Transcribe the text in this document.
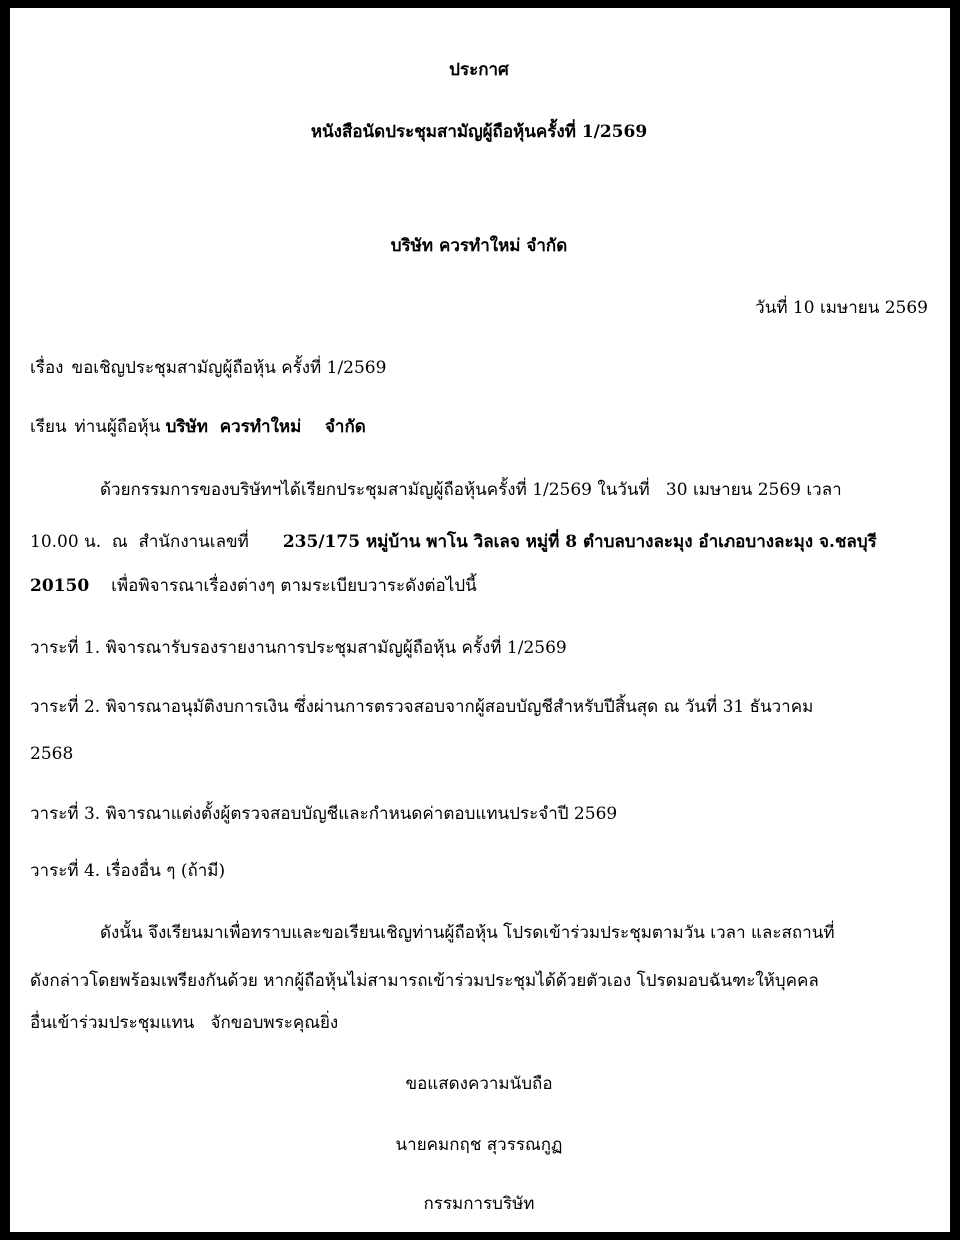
ประกาศ
หนังสือนัดประชุมสามัญผู้ถือหุ้นครั้งที่ 1/2569
บริษัท ควรทำใหม่ จำกัด
วันที่ 10 เมษายน 2569
เรื่อง ขอเชิญประชุมสามัญผู้ถือหุ้น ครั้งที่ 1/2569
เรียน ท่านผู้ถือหุ้น บริษัท  ควรทำใหม่    จำกัด
ด้วยกรรมการของบริษัทฯได้เรียกประชุมสามัญผู้ถือหุ้นครั้งที่ 1/2569 ในวันที่   30 เมษายน 2569 เวลา
10.00 น.  ณ  สำนักงานเลขที่ 235/175 หมู่บ้าน พาโน วิลเลจ หมู่ที่ 8 ตำบลบางละมุง อำเภอบางละมุง จ.ชลบุรี
20150 เพื่อพิจารณาเรื่องต่างๆ ตามระเบียบวาระดังต่อไปนี้
วาระที่ 1. พิจารณารับรองรายงานการประชุมสามัญผู้ถือหุ้น ครั้งที่ 1/2569
วาระที่ 2. พิจารณาอนุมัติงบการเงิน ซึ่งผ่านการตรวจสอบจากผู้สอบบัญชีสำหรับปีสิ้นสุด ณ วันที่ 31 ธันวาคม
2568
วาระที่ 3. พิจารณาแต่งตั้งผู้ตรวจสอบบัญชีและกำหนดค่าตอบแทนประจำปี 2569
วาระที่ 4. เรื่องอื่น ๆ (ถ้ามี)
ดังนั้น จึงเรียนมาเพื่อทราบและขอเรียนเชิญท่านผู้ถือหุ้น โปรดเข้าร่วมประชุมตามวัน เวลา และสถานที่
ดังกล่าวโดยพร้อมเพรียงกันด้วย หากผู้ถือหุ้นไม่สามารถเข้าร่วมประชุมได้ด้วยตัวเอง โปรดมอบฉันฑะให้บุคคล
อื่นเข้าร่วมประชุมแทน   จักขอบพระคุณยิ่ง
ขอแสดงความนับถือ
นายคมกฤช สุวรรณกูฏ
กรรมการบริษัท
